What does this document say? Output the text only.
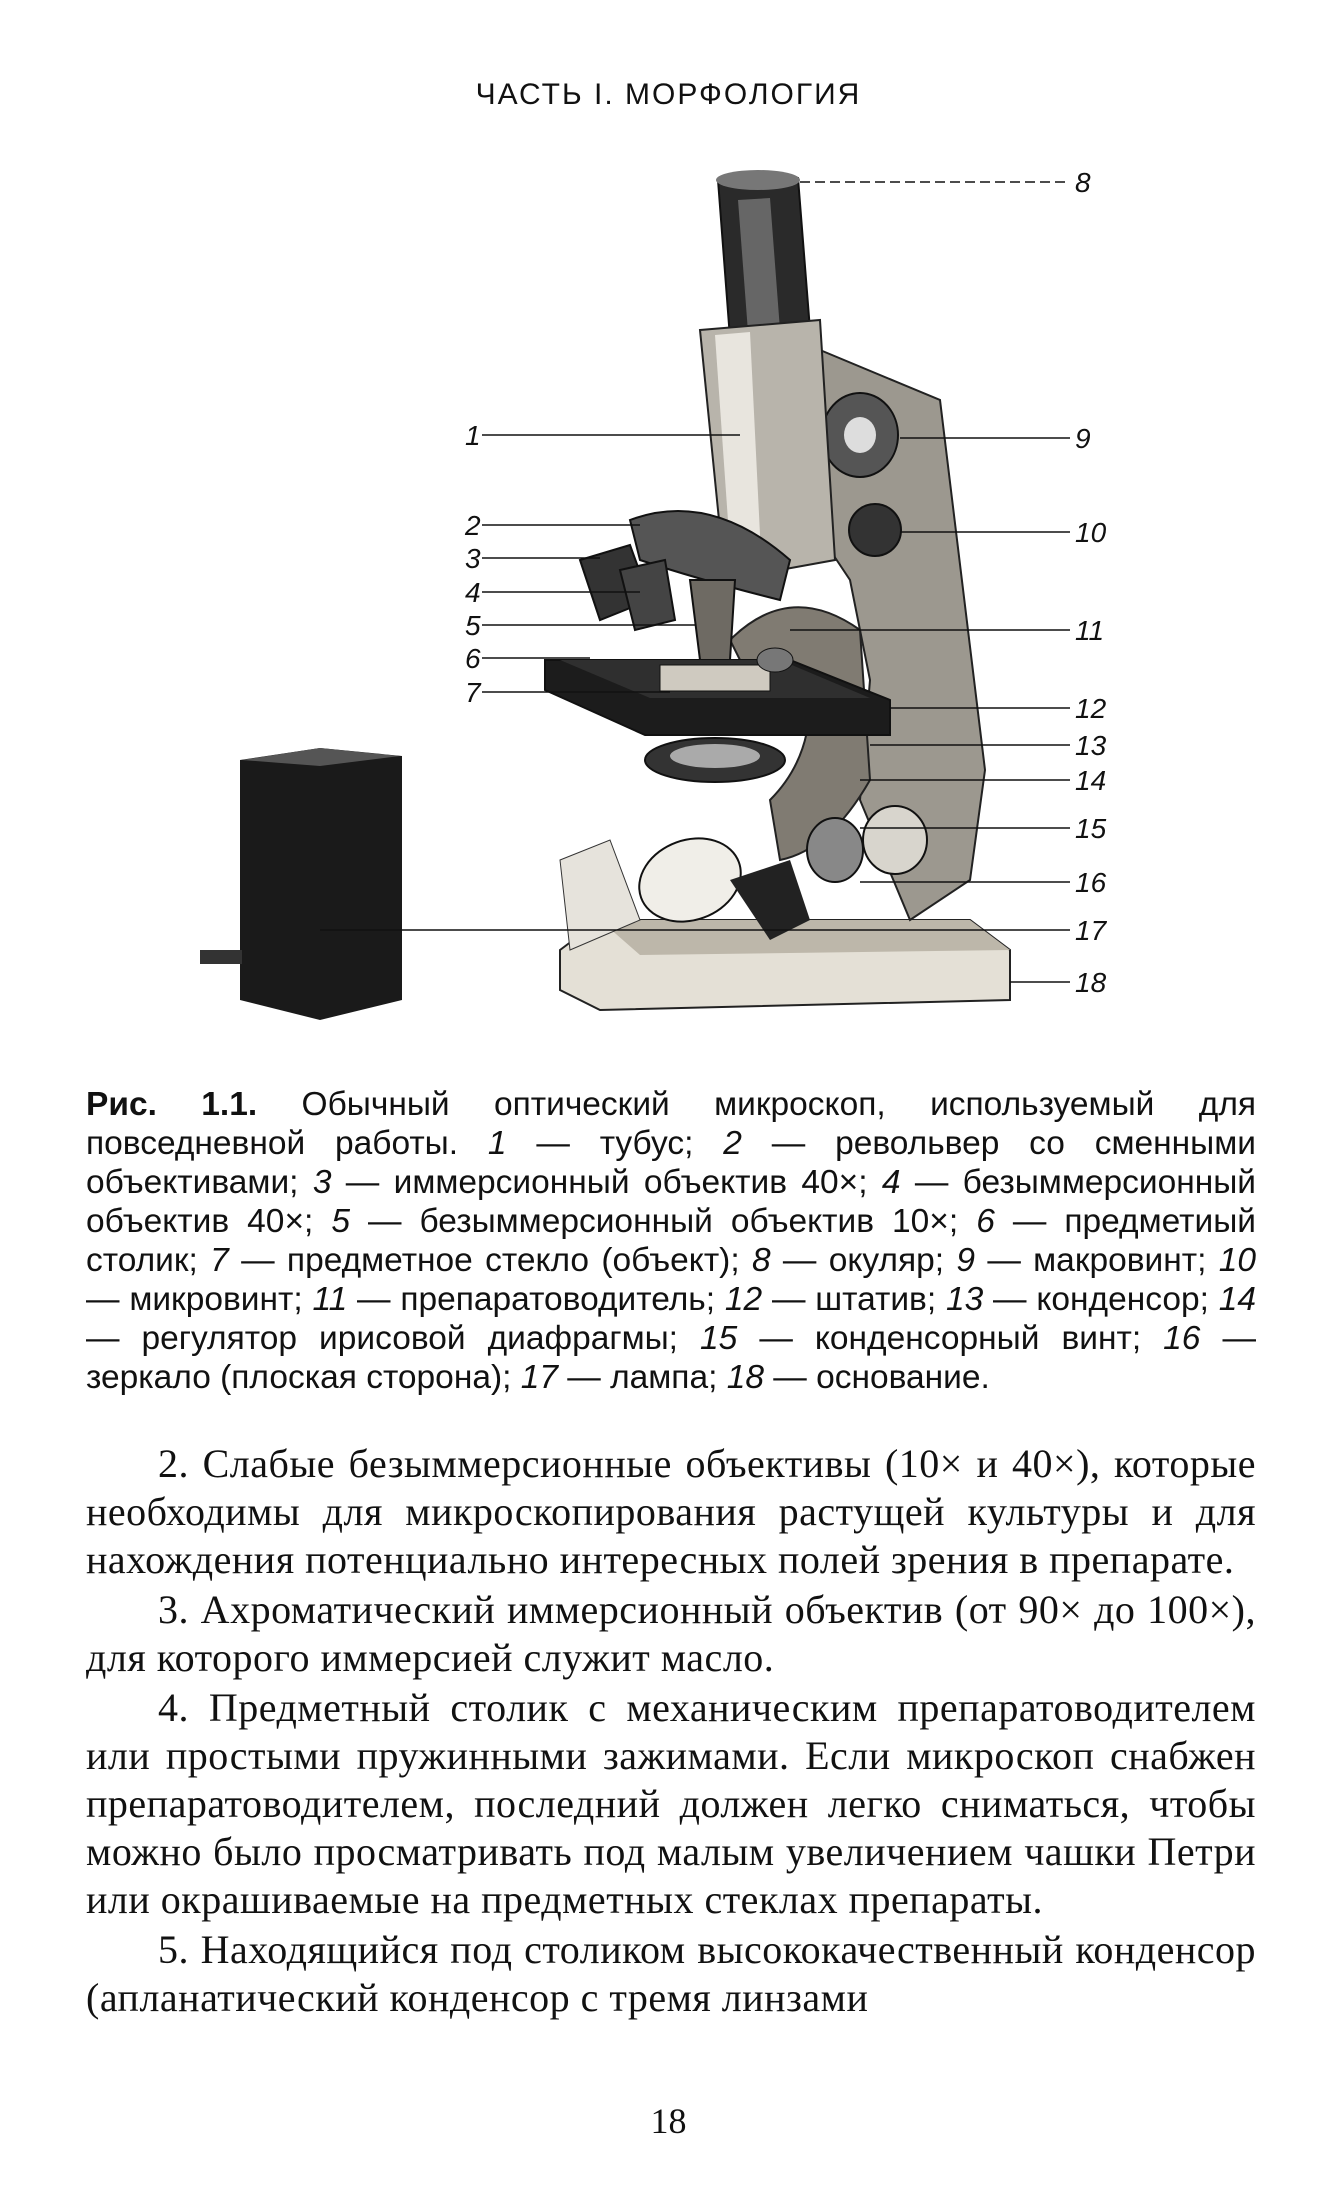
ЧАСТЬ I. МОРФОЛОГИЯ
1
2
3
4
5
6
7
8
9
10
11
12
13
14
15
16
17
18
Рис. 1.1. Обычный оптический микроскоп, используемый для повседневной работы. 1 — тубус; 2 — револьвер со сменными объективами; 3 — иммерсионный объектив 40×; 4 — безыммерсионный объектив 40×; 5 — безыммерсионный объектив 10×; 6 — предметиый столик; 7 — предметное стекло (объект); 8 — окуляр; 9 — макровинт; 10 — микровинт; 11 — препаратоводитель; 12 — штатив; 13 — конденсор; 14 — регулятор ирисовой диафрагмы; 15 — конденсорный винт; 16 — зеркало (плоская сторона); 17 — лампа; 18 — основание.

2. Слабые безыммерсионные объективы (10× и 40×), которые необходимы для микроскопирования растущей культуры и для нахождения потенциально интересных полей зрения в препарате.

3. Ахроматический иммерсионный объектив (от 90× до 100×), для которого иммерсией служит масло.

4. Предметный столик с механическим препаратоводителем или простыми пружинными зажимами. Если микроскоп снабжен препаратоводителем, последний должен легко сниматься, чтобы можно было просматривать под малым увеличением чашки Петри или окрашиваемые на предметных стеклах препараты.

5. Находящийся под столиком высококачественный конденсор (апланатический конденсор с тремя линзами

18
